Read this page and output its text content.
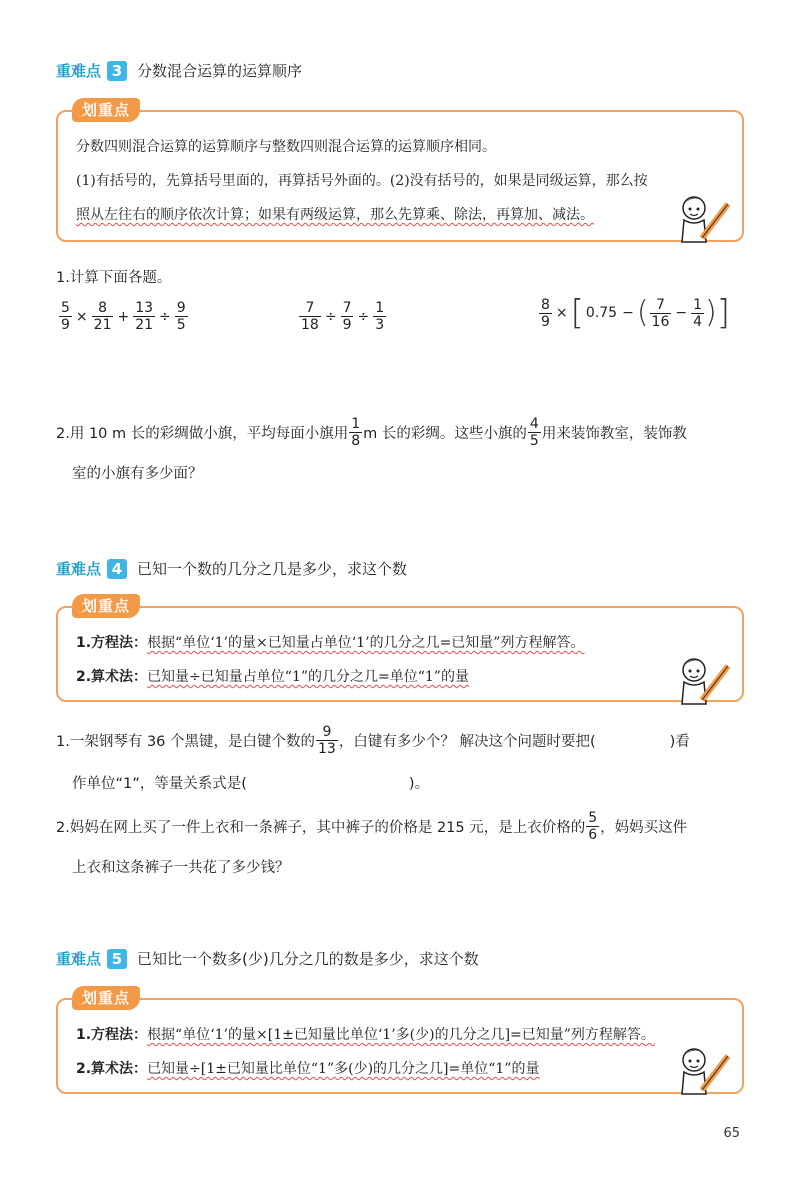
重难点 3 分数混合运算的运算顺序
划重点
分数四则混合运算的运算顺序与整数四则混合运算的运算顺序相同。
(1)有括号的，先算括号里面的，再算括号外面的。(2)没有括号的，如果是同级运算，那么按
照从左往右的顺序依次计算；如果有两级运算，那么先算乘、除法，再算加、减法。
1.计算下面各题。
$\frac{5}{9} \times \frac{8}{21} + \frac{13}{21} \div \frac{9}{5}$	$\frac{7}{18} \div \frac{7}{9} \div \frac{1}{3}$	$\frac{8}{9}$ × [ 0.75 − ( $\frac{7}{16} - \frac{1}{4}$ ) ]
2.用 10 m 长的彩绸做小旗，平均每面小旗用 $\frac{1}{8}$ m 长的彩绸。这些小旗的 $\frac{4}{5}$ 用来装饰教室，装饰教
室的小旗有多少面？
重难点 4 已知一个数的几分之几是多少，求这个数
划重点
1.方程法：根据“单位‘1’的量×已知量占单位‘1’的几分之几=已知量”列方程解答。
2.算术法：已知量÷已知量占单位“1”的几分之几=单位“1”的量
1.一架钢琴有 36 个黑键，是白键个数的 $\frac{9}{13}$ ，白键有多少个？ 解决这个问题时要把(	)看
作单位“1”，等量关系式是(	)。
2.妈妈在网上买了一件上衣和一条裤子，其中裤子的价格是 215 元，是上衣价格的 $\frac{5}{6}$ ，妈妈买这件
上衣和这条裤子一共花了多少钱？
重难点 5 已知比一个数多(少)几分之几的数是多少，求这个数
划重点
1.方程法：根据“单位‘1’的量×[1±已知量比单位‘1’多(少)的几分之几]=已知量”列方程解答。
2.算术法：已知量÷[1±已知量比单位“1”多(少)的几分之几]=单位“1”的量
65
